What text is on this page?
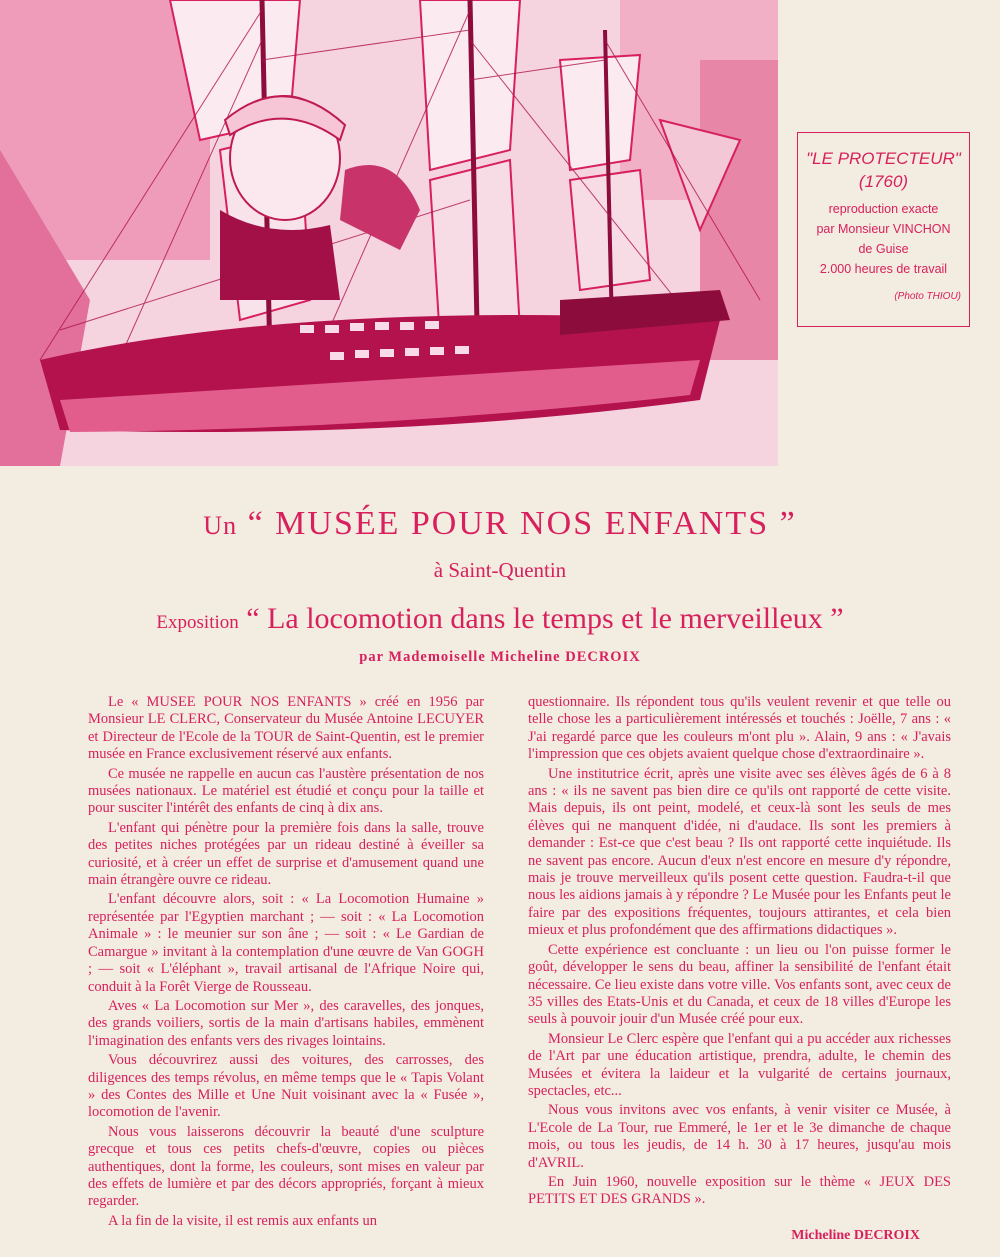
"LE PROTECTEUR"
(1760)
reproduction exacte
par Monsieur VINCHON
de Guise
2.000 heures de travail
(Photo THIOU)
Un “ MUSÉE POUR NOS ENFANTS ”
à Saint-Quentin
Exposition “ La locomotion dans le temps et le merveilleux ”
par Mademoiselle Micheline DECROIX

Le « MUSEE POUR NOS ENFANTS » créé en 1956 par Monsieur LE CLERC, Conservateur du Musée Antoine LECUYER et Directeur de l'Ecole de la TOUR de Saint-Quentin, est le premier musée en France exclusivement réservé aux enfants.

Ce musée ne rappelle en aucun cas l'austère présentation de nos musées nationaux. Le matériel est étudié et conçu pour la taille et pour susciter l'intérêt des enfants de cinq à dix ans.

L'enfant qui pénètre pour la première fois dans la salle, trouve des petites niches protégées par un rideau destiné à éveiller sa curiosité, et à créer un effet de surprise et d'amusement quand une main étrangère ouvre ce rideau.

L'enfant découvre alors, soit : « La Locomotion Humaine » représentée par l'Egyptien marchant ; — soit : « La Locomotion Animale » : le meunier sur son âne ; — soit : « Le Gardian de Camargue » invitant à la contemplation d'une œuvre de Van GOGH ; — soit « L'éléphant », travail artisanal de l'Afrique Noire qui, conduit à la Forêt Vierge de Rousseau.

Aves « La Locomotion sur Mer », des caravelles, des jonques, des grands voiliers, sortis de la main d'artisans habiles, emmènent l'imagination des enfants vers des rivages lointains.

Vous découvrirez aussi des voitures, des carrosses, des diligences des temps révolus, en même temps que le « Tapis Volant » des Contes des Mille et Une Nuit voisinant avec la « Fusée », locomotion de l'avenir.

Nous vous laisserons découvrir la beauté d'une sculpture grecque et tous ces petits chefs-d'œuvre, copies ou pièces authentiques, dont la forme, les couleurs, sont mises en valeur par des effets de lumière et par des décors appropriés, forçant à mieux regarder.

A la fin de la visite, il est remis aux enfants un

questionnaire. Ils répondent tous qu'ils veulent revenir et que telle ou telle chose les a particulièrement intéressés et touchés : Joëlle, 7 ans : « J'ai regardé parce que les couleurs m'ont plu ». Alain, 9 ans : « J'avais l'impression que ces objets avaient quelque chose d'extraordinaire ».

Une institutrice écrit, après une visite avec ses élèves âgés de 6 à 8 ans : « ils ne savent pas bien dire ce qu'ils ont rapporté de cette visite. Mais depuis, ils ont peint, modelé, et ceux-là sont les seuls de mes élèves qui ne manquent d'idée, ni d'audace. Ils sont les premiers à demander : Est-ce que c'est beau ? Ils ont rapporté cette inquiétude. Ils ne savent pas encore. Aucun d'eux n'est encore en mesure d'y répondre, mais je trouve merveilleux qu'ils posent cette question. Faudra-t-il que nous les aidions jamais à y répondre ? Le Musée pour les Enfants peut le faire par des expositions fréquentes, toujours attirantes, et cela bien mieux et plus profondément que des affirmations didactiques ».

Cette expérience est concluante : un lieu ou l'on puisse former le goût, développer le sens du beau, affiner la sensibilité de l'enfant était nécessaire. Ce lieu existe dans votre ville. Vos enfants sont, avec ceux de 35 villes des Etats-Unis et du Canada, et ceux de 18 villes d'Europe les seuls à pouvoir jouir d'un Musée créé pour eux.

Monsieur Le Clerc espère que l'enfant qui a pu accéder aux richesses de l'Art par une éducation artistique, prendra, adulte, le chemin des Musées et évitera la laideur et la vulgarité de certains journaux, spectacles, etc...

Nous vous invitons avec vos enfants, à venir visiter ce Musée, à L'Ecole de La Tour, rue Emmeré, le 1er et le 3e dimanche de chaque mois, ou tous les jeudis, de 14 h. 30 à 17 heures, jusqu'au mois d'AVRIL.

En Juin 1960, nouvelle exposition sur le thème « JEUX DES PETITS ET DES GRANDS ».

Micheline DECROIX
